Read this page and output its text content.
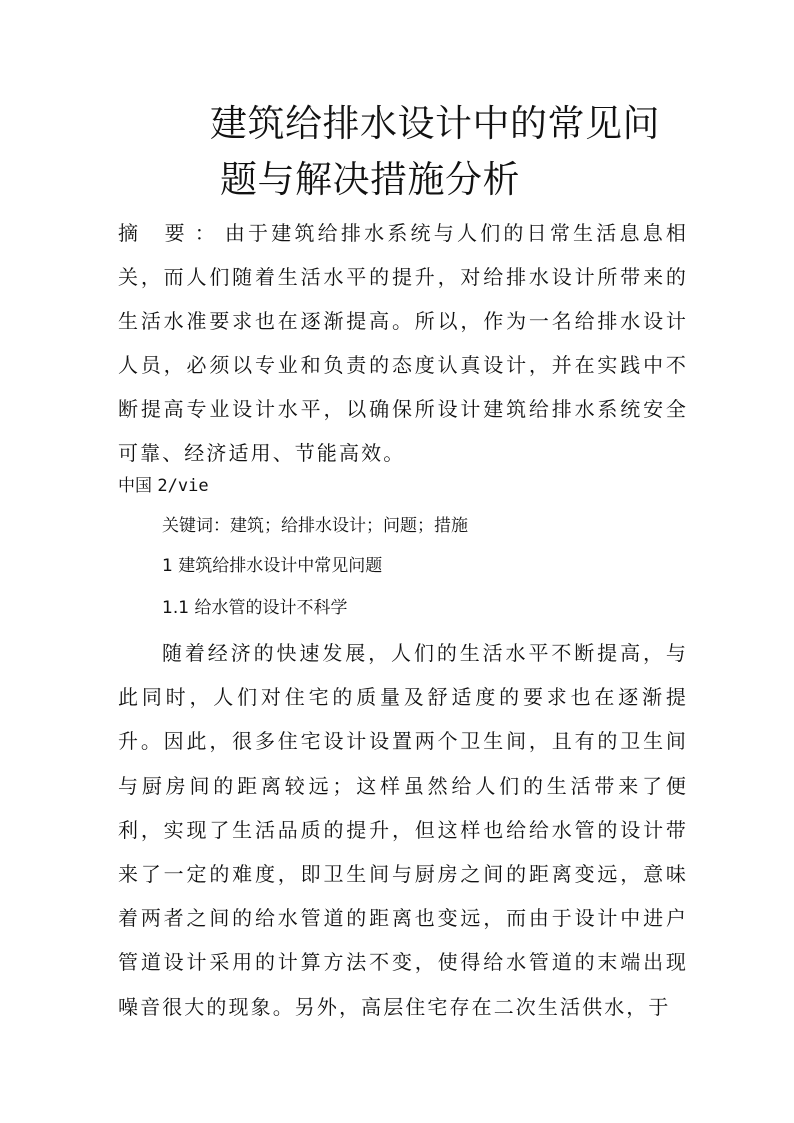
建筑给排水设计中的常见问
题与解决措施分析

摘 要：由于建筑给排水系统与人们的日常生活息息相关，而人们随着生活水平的提升，对给排水设计所带来的生活水准要求也在逐渐提高。所以，作为一名给排水设计人员，必须以专业和负责的态度认真设计，并在实践中不断提高专业设计水平，以确保所设计建筑给排水系统安全可靠、经济适用、节能高效。

中国 2/vie

关键词：建筑；给排水设计；问题；措施

1 建筑给排水设计中常见问题

1.1 给水管的设计不科学

随着经济的快速发展，人们的生活水平不断提高，与此同时，人们对住宅的质量及舒适度的要求也在逐渐提升。因此，很多住宅设计设置两个卫生间，且有的卫生间与厨房间的距离较远；这样虽然给人们的生活带来了便利，实现了生活品质的提升，但这样也给给水管的设计带来了一定的难度，即卫生间与厨房之间的距离变远，意味着两者之间的给水管道的距离也变远，而由于设计中进户管道设计采用的计算方法不变，使得给水管道的末端出现噪音很大的现象。另外，高层住宅存在二次生活供水，于
